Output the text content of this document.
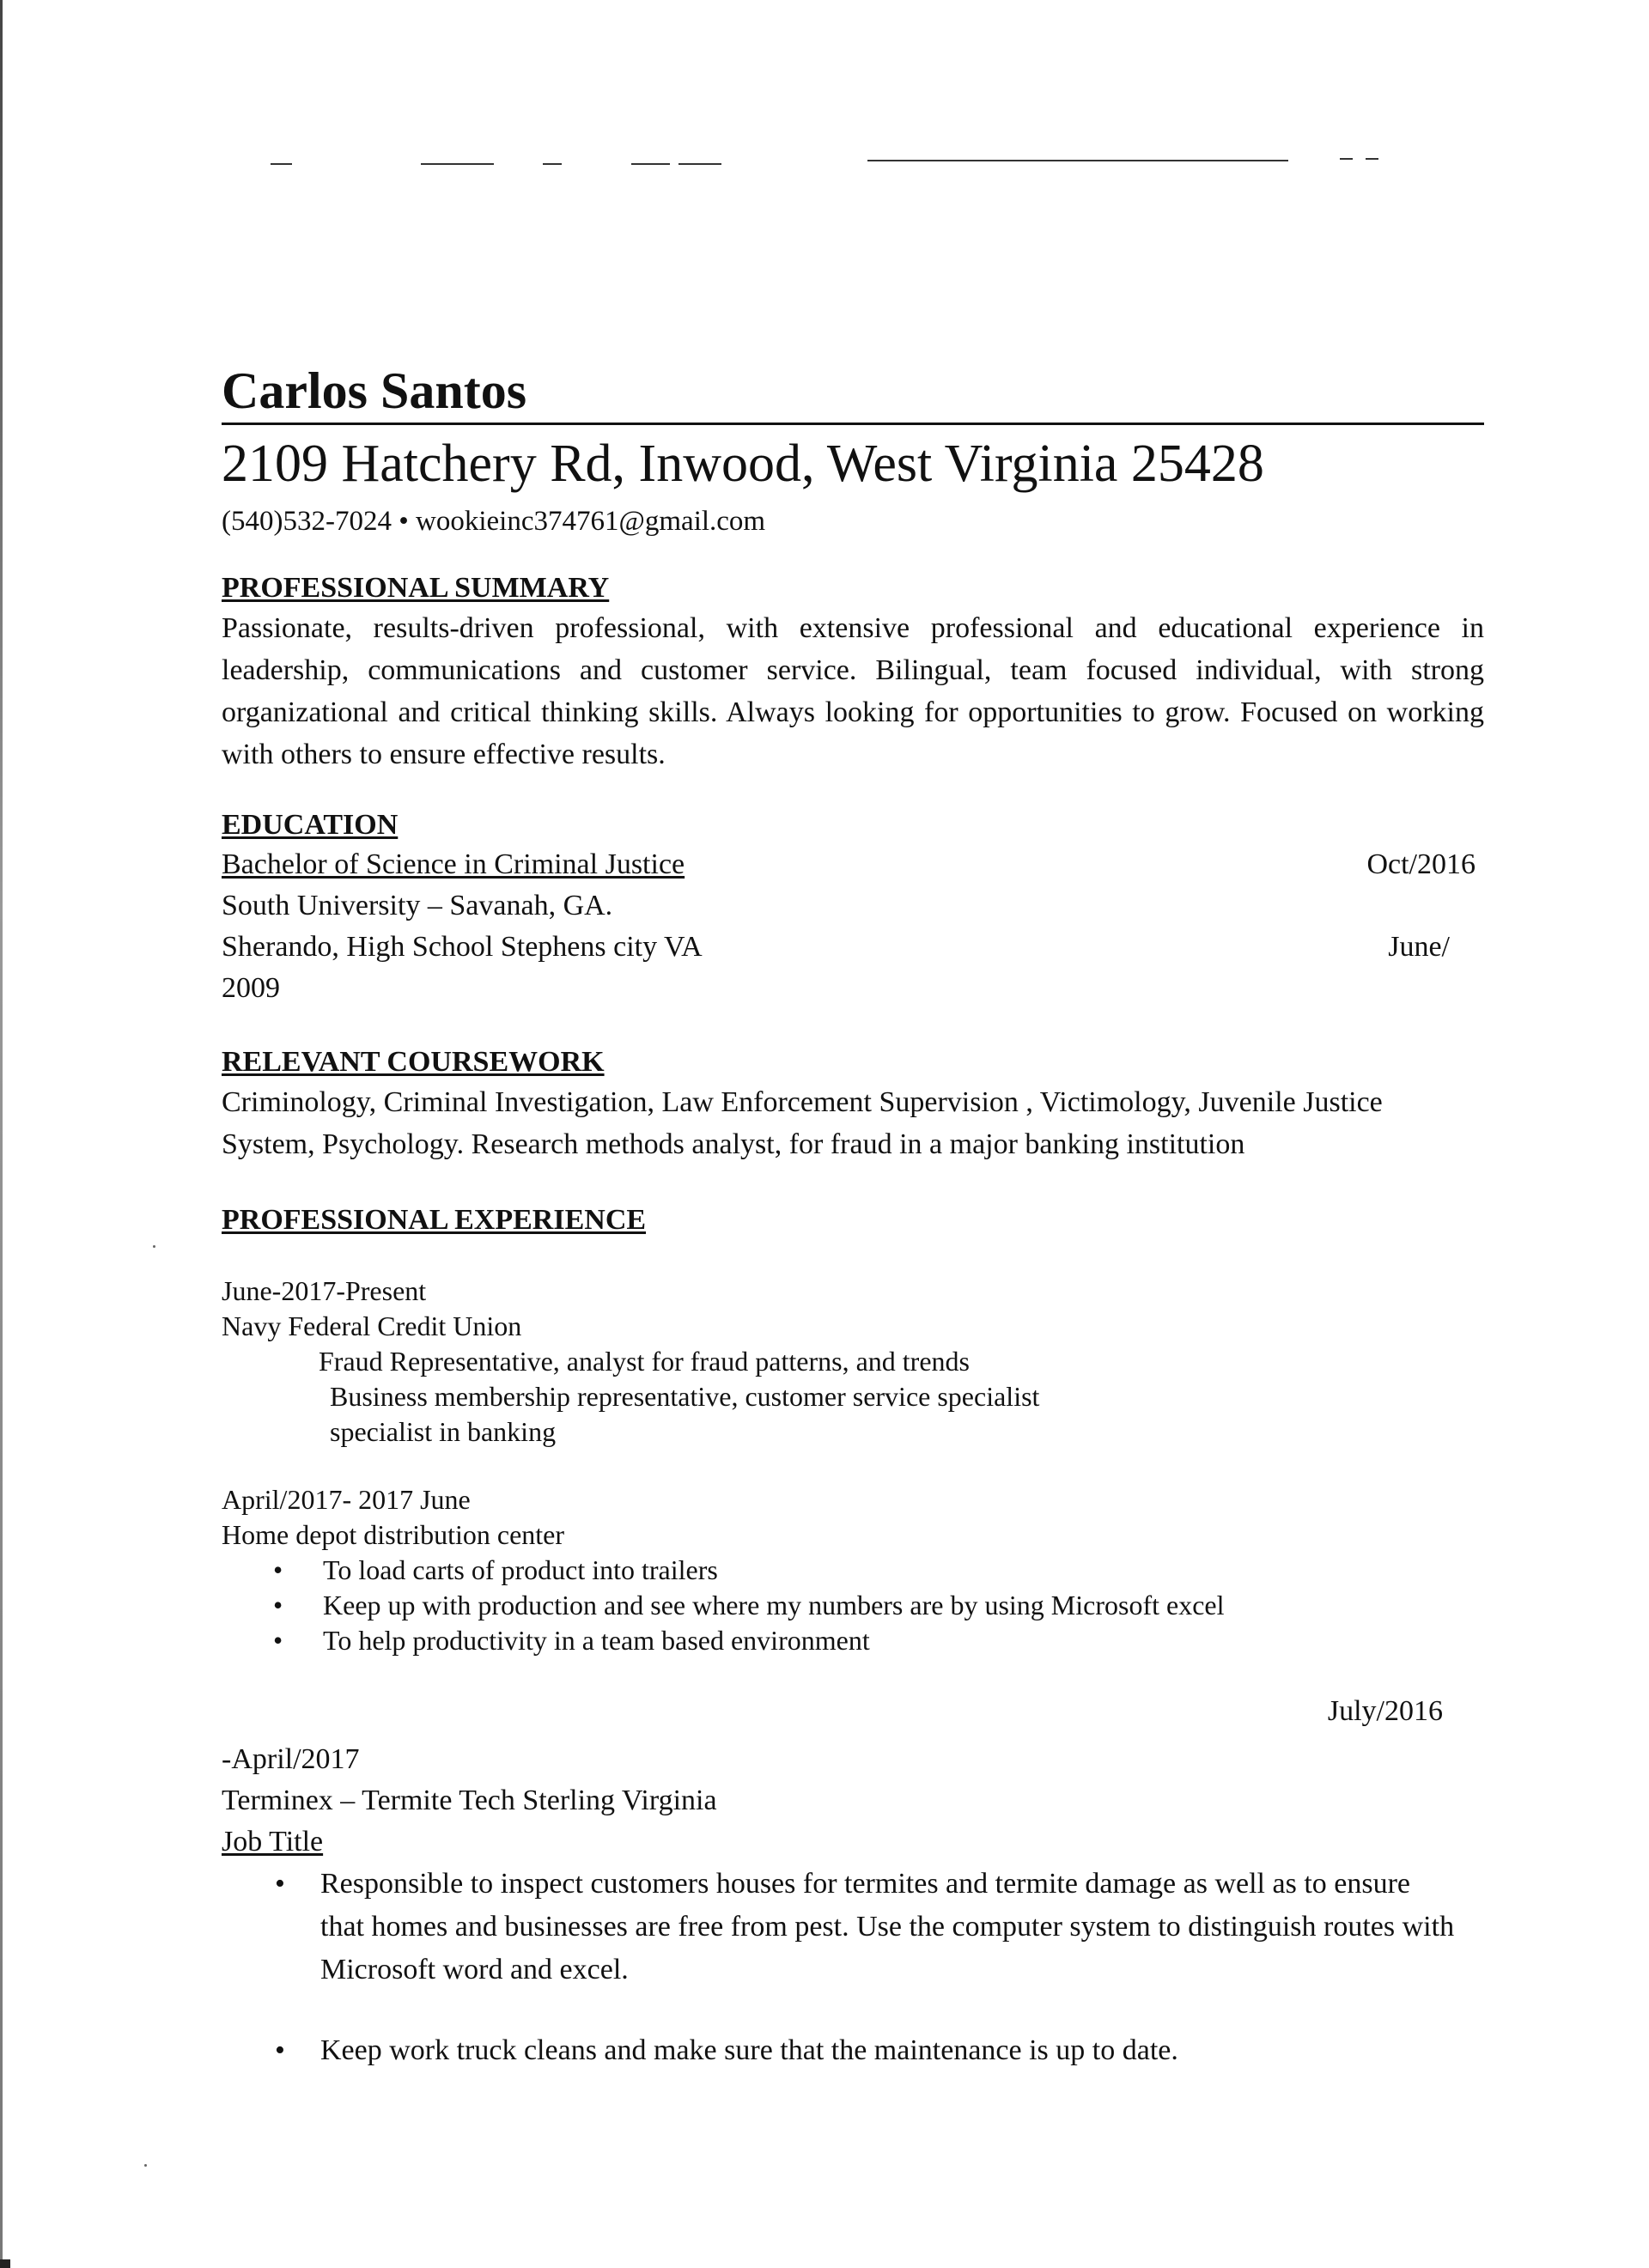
Carlos Santos
2109 Hatchery Rd, Inwood, West Virginia 25428
(540)532-7024 • wookieinc374761@gmail.com
PROFESSIONAL SUMMARY
Passionate, results-driven professional, with extensive professional and educational experience in leadership, communications and customer service. Bilingual, team focused individual, with strong organizational and critical thinking skills. Always looking for opportunities to grow. Focused on working with others to ensure effective results.
EDUCATION
Bachelor of Science in Criminal Justice	Oct/2016
South University – Savanah, GA.
Sherando, High School Stephens city VA	June/
2009
RELEVANT COURSEWORK
Criminology, Criminal Investigation, Law Enforcement Supervision , Victimology, Juvenile Justice System, Psychology. Research methods analyst, for fraud in a major banking institution
PROFESSIONAL EXPERIENCE
June-2017-Present
Navy Federal Credit Union
Fraud Representative, analyst for fraud patterns, and trends
Business membership representative, customer service specialist
specialist in banking
April/2017- 2017 June
Home depot distribution center
• To load carts of product into trailers
• Keep up with production and see where my numbers are by using Microsoft excel
• To help productivity in a team based environment
July/2016
-April/2017
Terminex – Termite Tech Sterling Virginia
Job Title
• Responsible to inspect customers houses for termites and termite damage as well as to ensure that homes and businesses are free from pest. Use the computer system to distinguish routes with Microsoft word and excel.
• Keep work truck cleans and make sure that the maintenance is up to date.
